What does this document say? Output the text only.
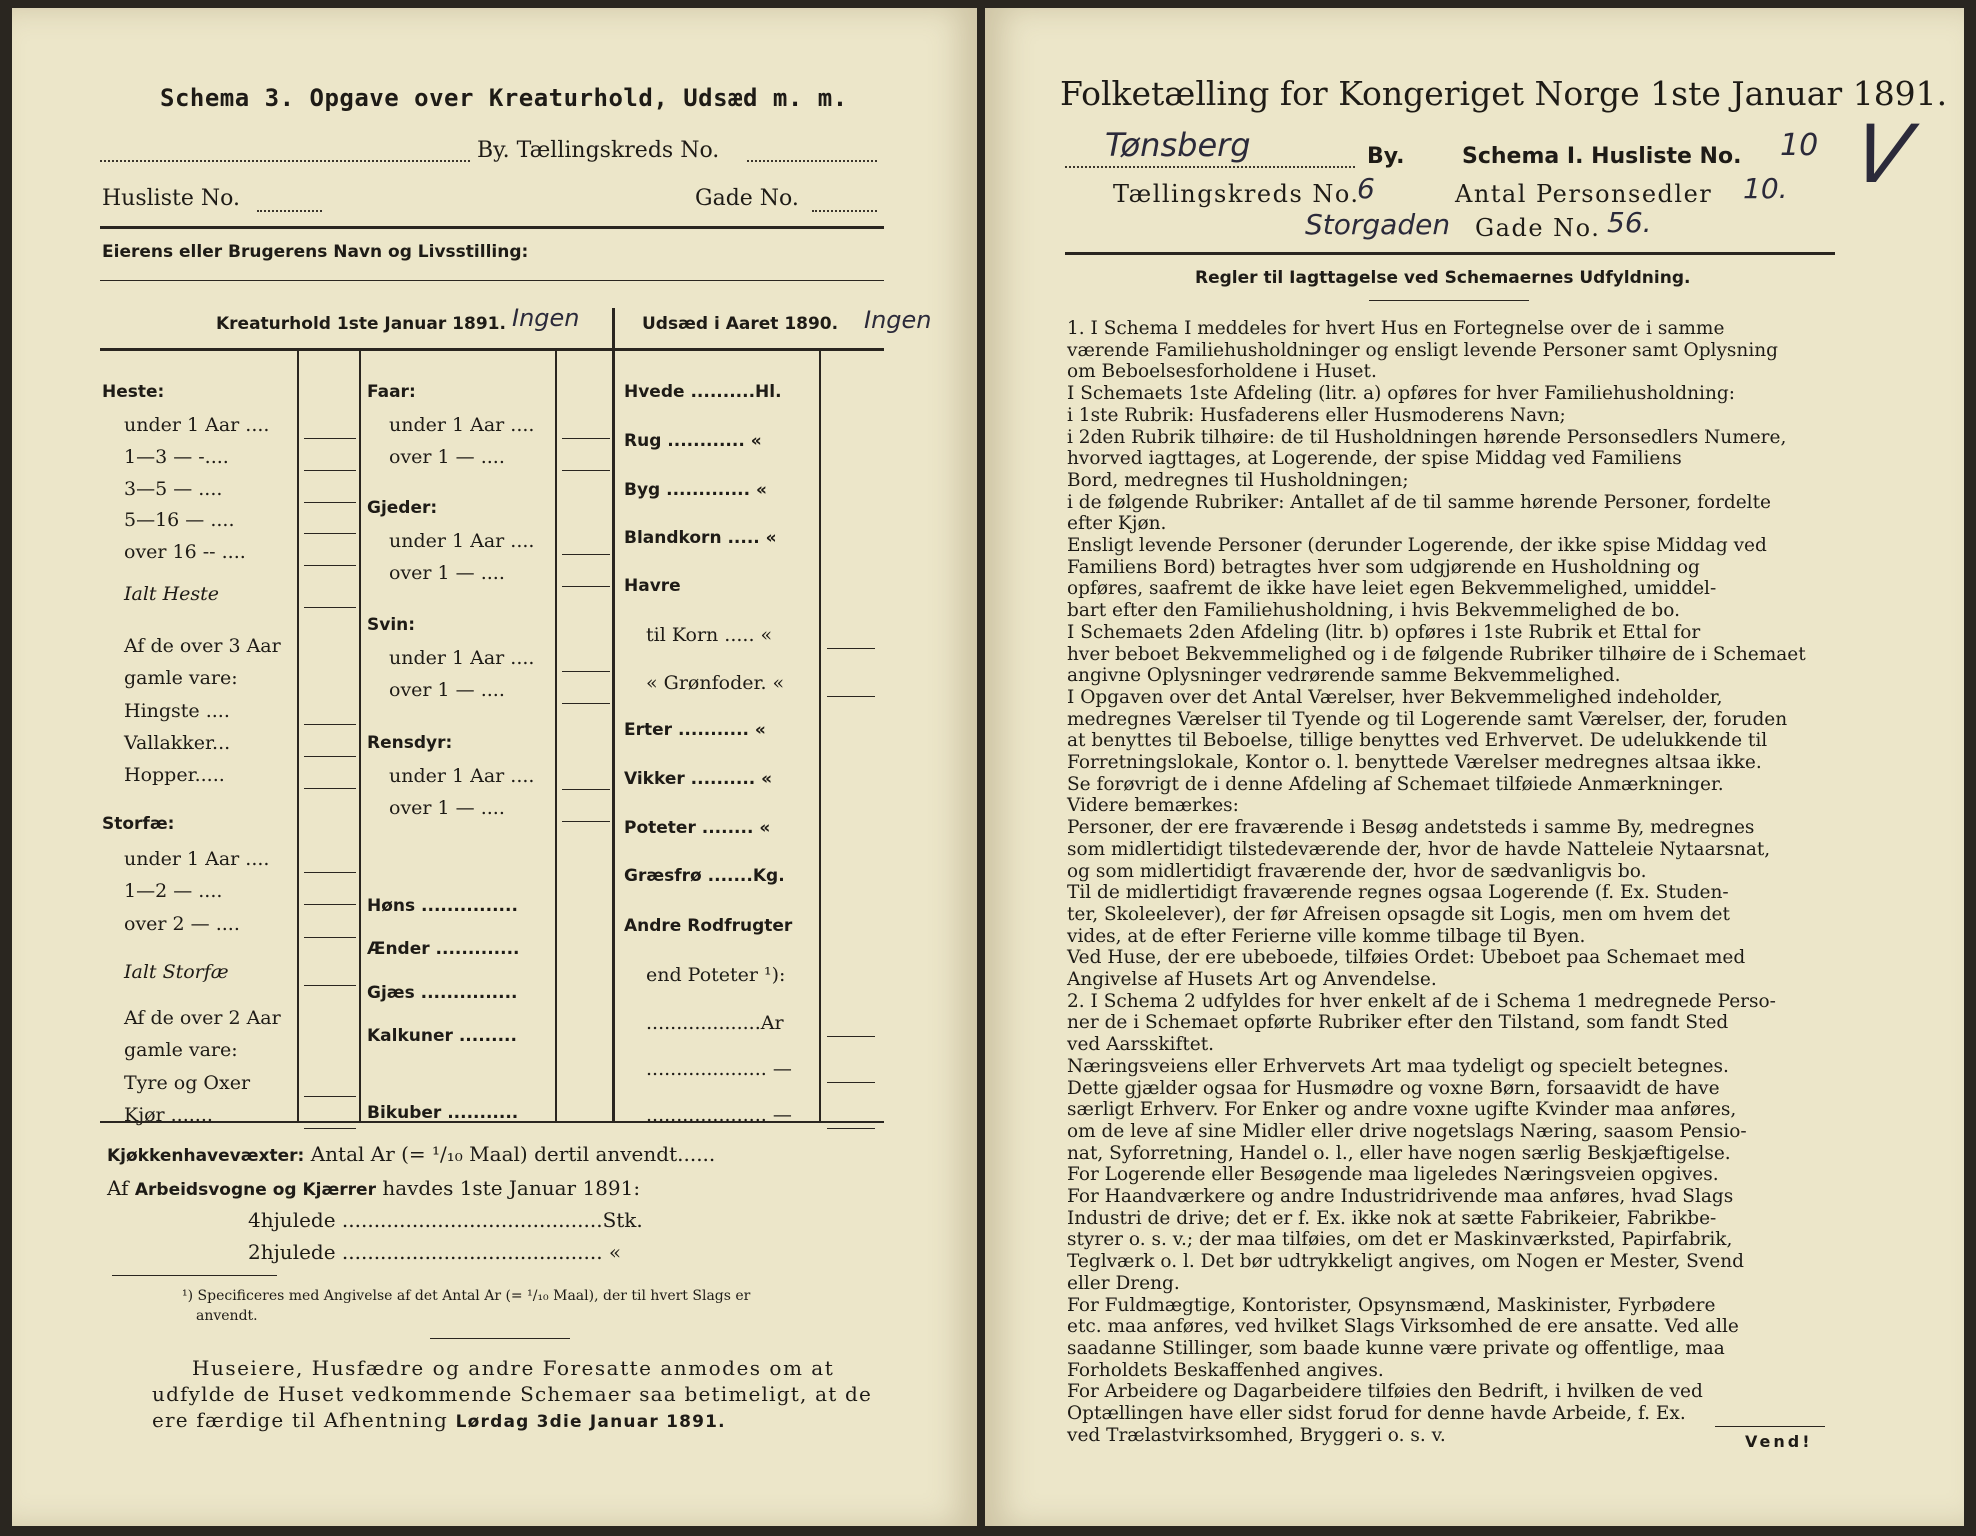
Schema 3. Opgave over Kreaturhold, Udsæd m. m.
By. Tællingskreds No.
Husliste No.	Gade No.
Eierens eller Brugerens Navn og Livsstilling:
Kreaturhold 1ste Januar 1891. Ingen	Udsæd i Aaret 1890. Ingen
Heste:
under 1 Aar ....
1—3 — -....
3—5 — ....
5—16 — ....
over 16 -- ....
Ialt Heste
Af de over 3 Aar
gamle vare:
Hingste ....
Vallakker...
Hopper.....
Storfæ:
under 1 Aar ....
1—2 — ....
over 2 — ....
Ialt Storfæ
Af de over 2 Aar
gamle vare:
Tyre og Oxer
Kjør .......
Faar:
under 1 Aar ....
over 1 — ....
Gjeder:
under 1 Aar ....
over 1 — ....
Svin:
under 1 Aar ....
over 1 — ....
Rensdyr:
under 1 Aar ....
over 1 — ....
Høns ...............
Ænder .............
Gjæs ...............
Kalkuner .........
Bikuber ...........
Hvede ..........Hl.
Rug ............ «
Byg ............. «
Blandkorn ..... «
Havre
til Korn ..... «
« Grønfoder. «
Erter ........... «
Vikker .......... «
Poteter ........ «
Græsfrø .......Kg.
Andre Rodfrugter
end Poteter ¹):
...................Ar
.................... —
.................... —
Kjøkkenhavevæxter: Antal Ar (= ¹/₁₀ Maal) dertil anvendt......
Af Arbeidsvogne og Kjærrer havdes 1ste Januar 1891:
4hjulede .........................................Stk.
2hjulede ......................................... «
¹) Specificeres med Angivelse af det Antal Ar (= ¹/₁₀ Maal), der til hvert Slags er
anvendt.
Huseiere, Husfædre og andre Foresatte anmodes om at
udfylde de Huset vedkommende Schemaer saa betimeligt, at de
ere færdige til Afhentning Lørdag 3die Januar 1891.
Folketælling for Kongeriget Norge 1ste Januar 1891.
Tønsberg	By.	Schema I. Husliste No. 10 V
Tællingskreds No.
6	Antal Personsedler 10.
Storgaden Gade No. 56.
Regler til Iagttagelse ved Schemaernes Udfyldning.
1. I Schema I meddeles for hvert Hus en Fortegnelse over de i samme
værende Familiehusholdninger og ensligt levende Personer samt Oplysning
om Beboelsesforholdene i Huset.
I Schemaets 1ste Afdeling (litr. a) opføres for hver Familiehusholdning:
i 1ste Rubrik: Husfaderens eller Husmoderens Navn;
i 2den Rubrik tilhøire: de til Husholdningen hørende Personsedlers Numere,
hvorved iagttages, at Logerende, der spise Middag ved Familiens
Bord, medregnes til Husholdningen;
i de følgende Rubriker: Antallet af de til samme hørende Personer, fordelte
efter Kjøn.
Ensligt levende Personer (derunder Logerende, der ikke spise Middag ved
Familiens Bord) betragtes hver som udgjørende en Husholdning og
opføres, saafremt de ikke have leiet egen Bekvemmelighed, umiddel-
bart efter den Familiehusholdning, i hvis Bekvemmelighed de bo.
I Schemaets 2den Afdeling (litr. b) opføres i 1ste Rubrik et Ettal for
hver beboet Bekvemmelighed og i de følgende Rubriker tilhøire de i Schemaet
angivne Oplysninger vedrørende samme Bekvemmelighed.
I Opgaven over det Antal Værelser, hver Bekvemmelighed indeholder,
medregnes Værelser til Tyende og til Logerende samt Værelser, der, foruden
at benyttes til Beboelse, tillige benyttes ved Erhvervet. De udelukkende til
Forretningslokale, Kontor o. l. benyttede Værelser medregnes altsaa ikke.
Se forøvrigt de i denne Afdeling af Schemaet tilføiede Anmærkninger.
Videre bemærkes:
Personer, der ere fraværende i Besøg andetsteds i samme By, medregnes
som midlertidigt tilstedeværende der, hvor de havde Natteleie Nytaarsnat,
og som midlertidigt fraværende der, hvor de sædvanligvis bo.
Til de midlertidigt fraværende regnes ogsaa Logerende (f. Ex. Studen-
ter, Skoleelever), der før Afreisen opsagde sit Logis, men om hvem det
vides, at de efter Ferierne ville komme tilbage til Byen.
Ved Huse, der ere ubeboede, tilføies Ordet: Ubeboet paa Schemaet med
Angivelse af Husets Art og Anvendelse.
2. I Schema 2 udfyldes for hver enkelt af de i Schema 1 medregnede Perso-
ner de i Schemaet opførte Rubriker efter den Tilstand, som fandt Sted
ved Aarsskiftet.
Næringsveiens eller Erhvervets Art maa tydeligt og specielt betegnes.
Dette gjælder ogsaa for Husmødre og voxne Børn, forsaavidt de have
særligt Erhverv. For Enker og andre voxne ugifte Kvinder maa anføres,
om de leve af sine Midler eller drive nogetslags Næring, saasom Pensio-
nat, Syforretning, Handel o. l., eller have nogen særlig Beskjæftigelse.
For Logerende eller Besøgende maa ligeledes Næringsveien opgives.
For Haandværkere og andre Industridrivende maa anføres, hvad Slags
Industri de drive; det er f. Ex. ikke nok at sætte Fabrikeier, Fabrikbe-
styrer o. s. v.; der maa tilføies, om det er Maskinværksted, Papirfabrik,
Teglværk o. l. Det bør udtrykkeligt angives, om Nogen er Mester, Svend
eller Dreng.
For Fuldmægtige, Kontorister, Opsynsmænd, Maskinister, Fyrbødere
etc. maa anføres, ved hvilket Slags Virksomhed de ere ansatte. Ved alle
saadanne Stillinger, som baade kunne være private og offentlige, maa
Forholdets Beskaffenhed angives.
For Arbeidere og Dagarbeidere tilføies den Bedrift, i hvilken de ved
Optællingen have eller sidst forud for denne havde Arbeide, f. Ex.
ved Trælastvirksomhed, Bryggeri o. s. v.	Vend!
